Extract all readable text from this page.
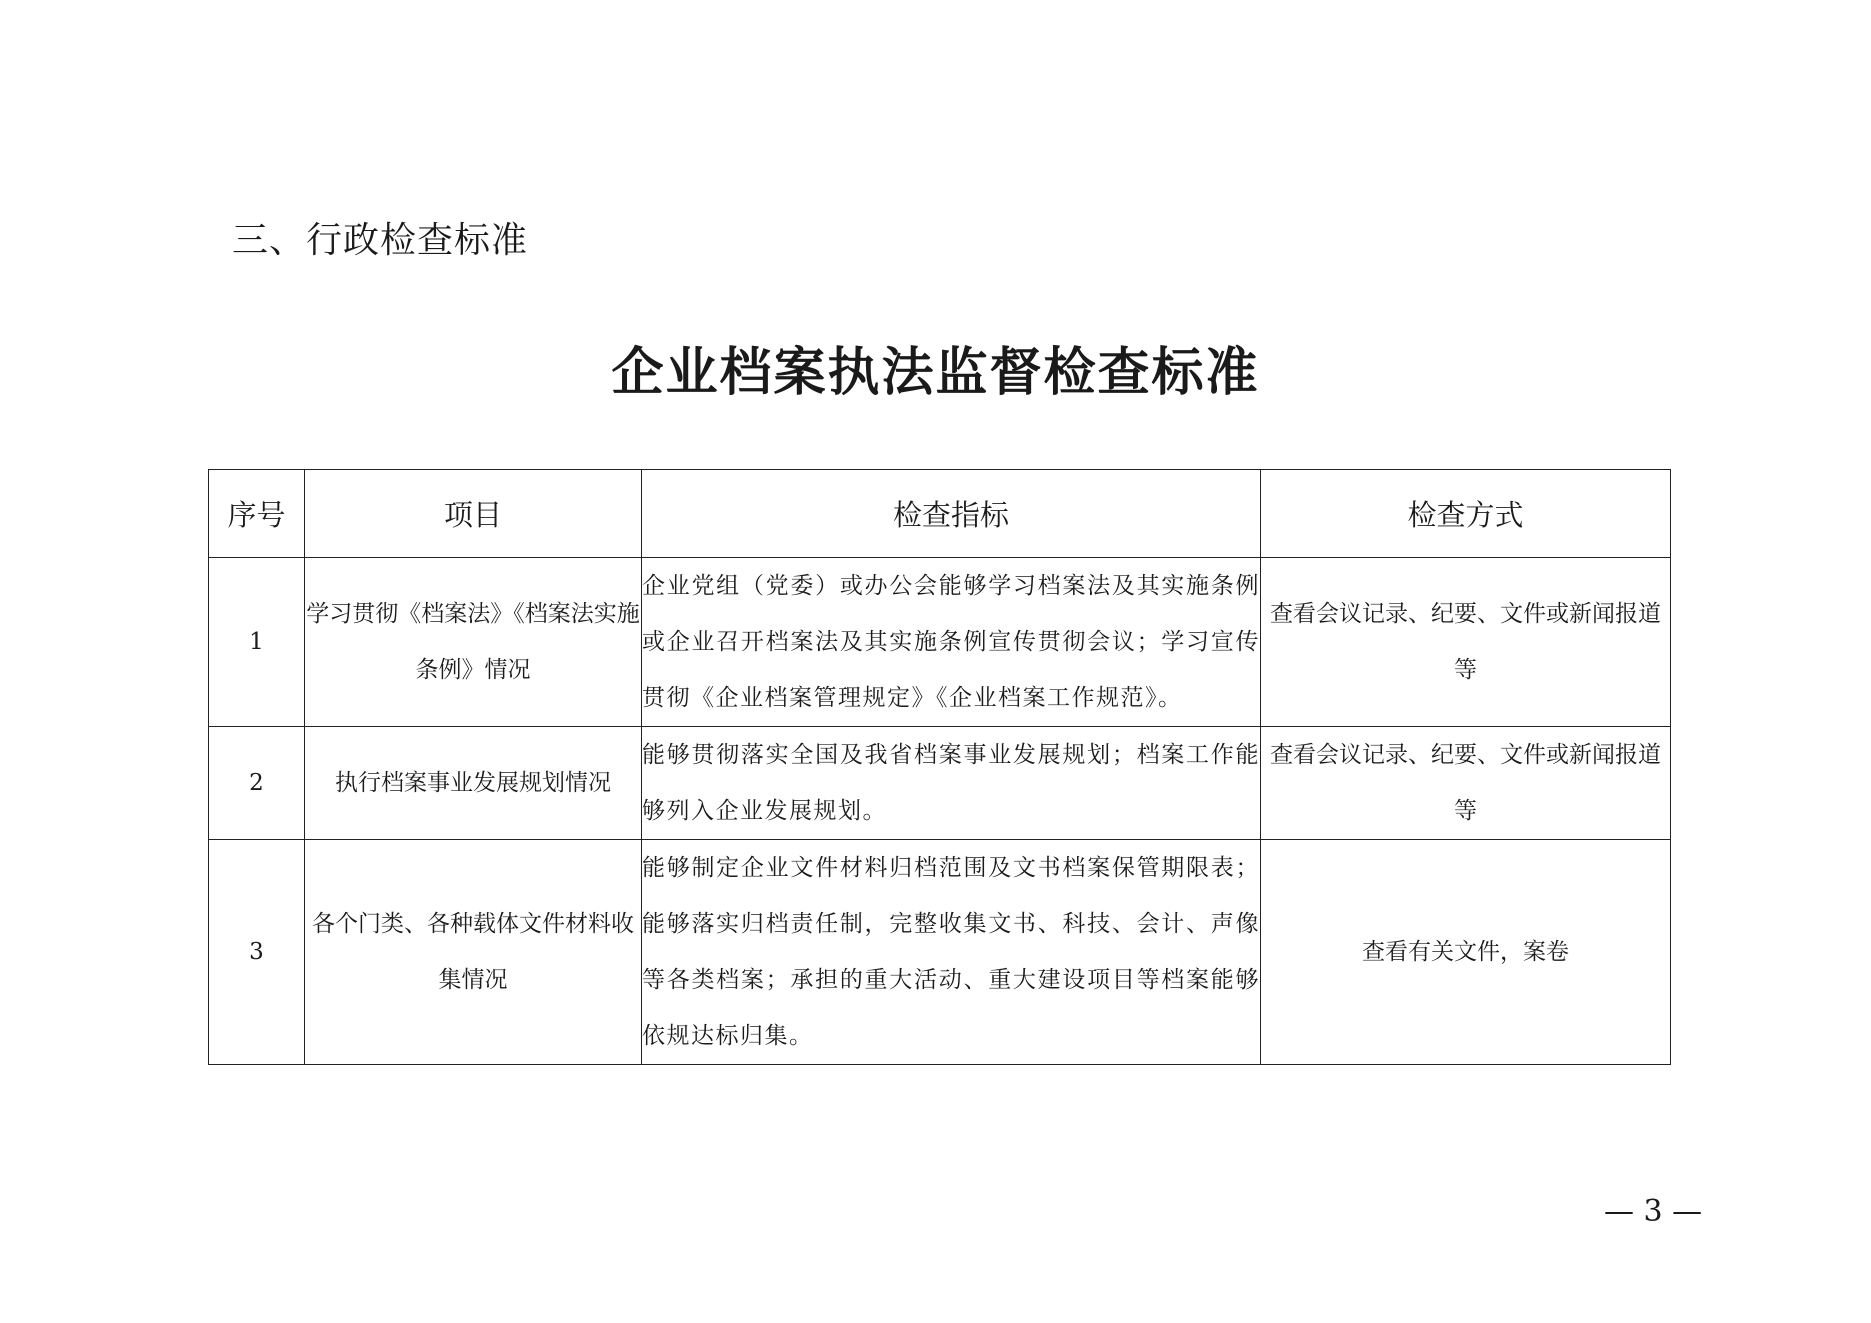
三、行政检查标准
企业档案执法监督检查标准
序号	项目	检查指标	检查方式
1	学习贯彻《档案法》《档案法实施条例》情况	企业党组（党委）或办公会能够学习档案法及其实施条例或企业召开档案法及其实施条例宣传贯彻会议；学习宣传贯彻《企业档案管理规定》《企业档案工作规范》。	查看会议记录、纪要、文件或新闻报道等
2	执行档案事业发展规划情况	能够贯彻落实全国及我省档案事业发展规划；档案工作能够列入企业发展规划。	查看会议记录、纪要、文件或新闻报道等
3	各个门类、各种载体文件材料收集情况	能够制定企业文件材料归档范围及文书档案保管期限表；能够落实归档责任制，完整收集文书、科技、会计、声像等各类档案；承担的重大活动、重大建设项目等档案能够依规达标归集。	查看有关文件，案卷
— 3 —
